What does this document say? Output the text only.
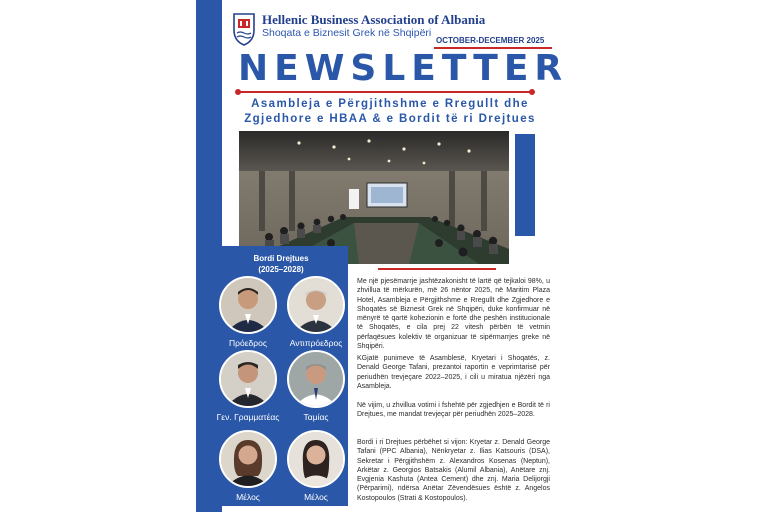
Hellenic Business Association of Albania
Shoqata e Biznesit Grek në Shqipëri
OCTOBER-DECEMBER 2025
NEWSLETTER
Asambleja e Përgjithshme e Rregullt dhe
Zgjedhore e HBAA & e Bordit të ri Drejtues
Bordi Drejtues
(2025–2028)
Πρόεδρος	Αντιπρόεδρος
Γεν. Γραμματέας	Ταμίας
Μέλος	Μέλος

Me një pjesëmarrje jashtëzakonisht të lartë që tejkaloi 98%, u zhvillua të mërkurën, më 26 nëntor 2025, në Maritim Plaza Hotel, Asambleja e Përgjithshme e Rregullt dhe Zgjedhore e Shoqatës së Biznesit Grek në Shqipëri, duke konfirmuar në mënyrë të qartë kohezionin e fortë dhe peshën institucionale të Shoqatës, e cila prej 22 vitesh përbën të vetmin përfaqësues kolektiv të organizuar të sipërmarrjes greke në Shqipëri.

KGjatë punimeve të Asamblesë, Kryetari i Shoqatës, z. Denald George Tafani, prezantoi raportin e veprimtarisë për periudhën trevjeçare 2022–2025, i cili u miratua njëzëri nga Asambleja.

Në vijim, u zhvillua votimi i fshehtë për zgjedhjen e Bordit të ri Drejtues, me mandat trevjeçar për periudhën 2025–2028.

Bordi i ri Drejtues përbëhet si vijon: Kryetar z. Denald George Tafani (PPC Albania), Nënkryetar z. Ilias Katsouris (DSA), Sekretar i Përgjithshëm z. Alexandros Kosenas (Neptun), Arkëtar z. Georgios Batsakis (Alumil Albania), Anëtare znj. Evgjenia Kashuta (Antea Cement) dhe znj. Maria Delijorgji (Përparimi), ndërsa Anëtar Zëvendësues është z. Angelos Kostopoulos (Strati & Kostopoulos).
